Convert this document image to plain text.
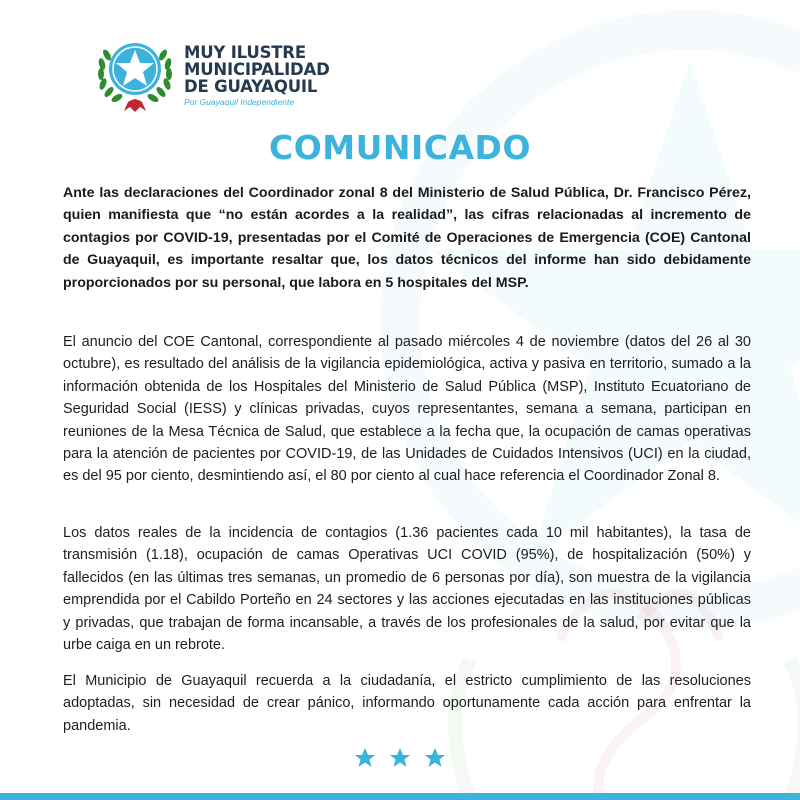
MUY ILUSTRE
MUNICIPALIDAD
DE GUAYAQUIL
Por Guayaquil Independiente
COMUNICADO

Ante las declaraciones del Coordinador zonal 8 del Ministerio de Salud Pública, Dr. Francisco Pérez, quien manifiesta que “no están acordes a la realidad”, las cifras relacionadas al incremento de contagios por COVID-19, presentadas por el Comité de Operaciones de Emergencia (COE) Cantonal de Guayaquil, es importante resaltar que, los datos técnicos del informe han sido debidamente proporcionados por su personal, que labora en 5 hospitales del MSP.

El anuncio del COE Cantonal, correspondiente al pasado miércoles 4 de noviembre (datos del 26 al 30 octubre), es resultado del análisis de la vigilancia epidemiológica, activa y pasiva en territorio, sumado a la información obtenida de los Hospitales del Ministerio de Salud Pública (MSP), Instituto Ecuatoriano de Seguridad Social (IESS) y clínicas privadas, cuyos representantes, semana a semana, participan en reuniones de la Mesa Técnica de Salud, que establece a la fecha que, la ocupación de camas operativas para la atención de pacientes por COVID-19, de las Unidades de Cuidados Intensivos (UCI) en la ciudad, es del 95 por ciento, desmintiendo así, el 80 por ciento al cual hace referencia el Coordinador Zonal 8.

Los datos reales de la incidencia de contagios (1.36 pacientes cada 10 mil habitantes), la tasa de transmisión (1.18), ocupación de camas Operativas UCI COVID (95%), de hospitalización (50%) y fallecidos (en las últimas tres semanas, un promedio de 6 personas por día), son muestra de la vigilancia emprendida por el Cabildo Porteño en 24 sectores y las acciones ejecutadas en las instituciones públicas y privadas, que trabajan de forma incansable, a través de los profesionales de la salud, por evitar que la urbe caiga en un rebrote.

El Municipio de Guayaquil recuerda a la ciudadanía, el estricto cumplimiento de las resoluciones adoptadas, sin necesidad de crear pánico, informando oportunamente cada acción para enfrentar la pandemia.
